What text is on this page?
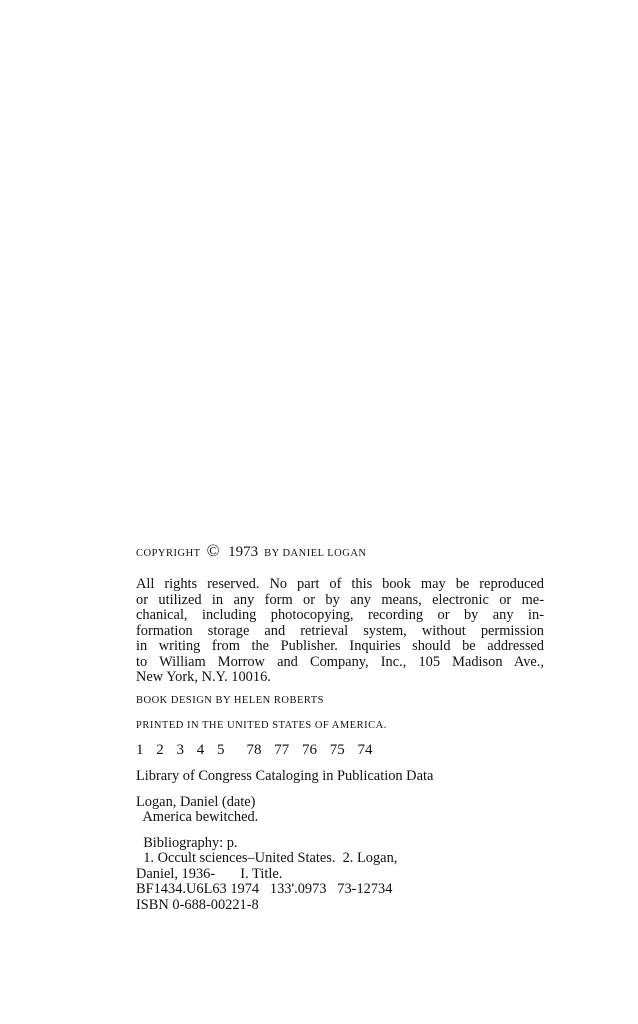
COPYRIGHT © 1973 BY DANIEL LOGAN
All rights reserved. No part of this book may be reproduced
or utilized in any form or by any means, electronic or me-
chanical, including photocopying, recording or by any in-
formation storage and retrieval system, without permission
in writing from the Publisher. Inquiries should be addressed
to William Morrow and Company, Inc., 105 Madison Ave.,
New York, N.Y. 10016.
BOOK DESIGN BY HELEN ROBERTS
PRINTED IN THE UNITED STATES OF AMERICA.
1 2 3 4 5 78 77 76 75 74
Library of Congress Cataloging in Publication Data
Logan, Daniel (date)
America bewitched.
Bibliography: p.
1. Occult sciences–United States.  2. Logan,
Daniel, 1936-       I. Title.
BF1434.U6L63 1974   133'.0973   73-12734
ISBN 0-688-00221-8
